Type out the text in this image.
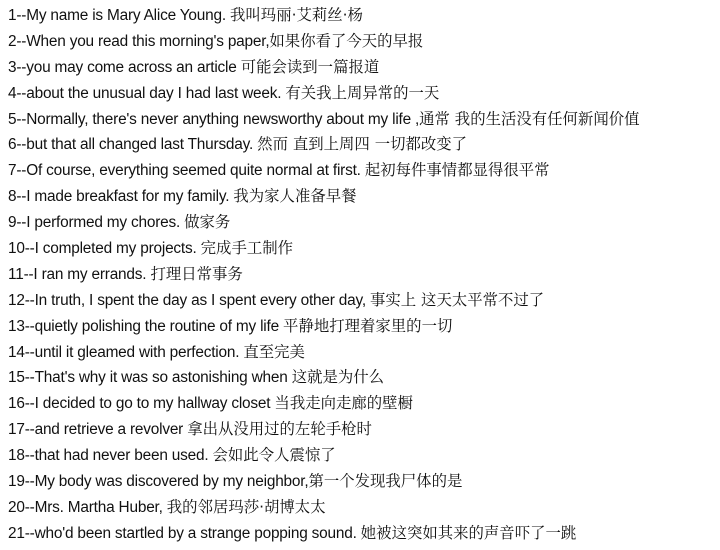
1--My name is Mary Alice Young. 我叫玛丽·艾莉丝·杨
2--When you read this morning's paper,如果你看了今天的早报
3--you may come across an article 可能会读到一篇报道
4--about the unusual day I had last week. 有关我上周异常的一天
5--Normally, there's never anything newsworthy about my life ,通常 我的生活没有任何新闻价值
6--but that all changed last Thursday. 然而 直到上周四 一切都改变了
7--Of course, everything seemed quite normal at first. 起初每件事情都显得很平常
8--I made breakfast for my family. 我为家人准备早餐
9--I performed my chores. 做家务
10--I completed my projects. 完成手工制作
11--I ran my errands. 打理日常事务
12--In truth, I spent the day as I spent every other day, 事实上 这天太平常不过了
13--quietly polishing the routine of my life 平静地打理着家里的一切
14--until it gleamed with perfection. 直至完美
15--That's why it was so astonishing when 这就是为什么
16--I decided to go to my hallway closet 当我走向走廊的壁橱
17--and retrieve a revolver 拿出从没用过的左轮手枪时
18--that had never been used. 会如此令人震惊了
19--My body was discovered by my neighbor,第一个发现我尸体的是
20--Mrs. Martha Huber, 我的邻居玛莎·胡博太太
21--who'd been startled by a strange popping sound. 她被这突如其来的声音吓了一跳
